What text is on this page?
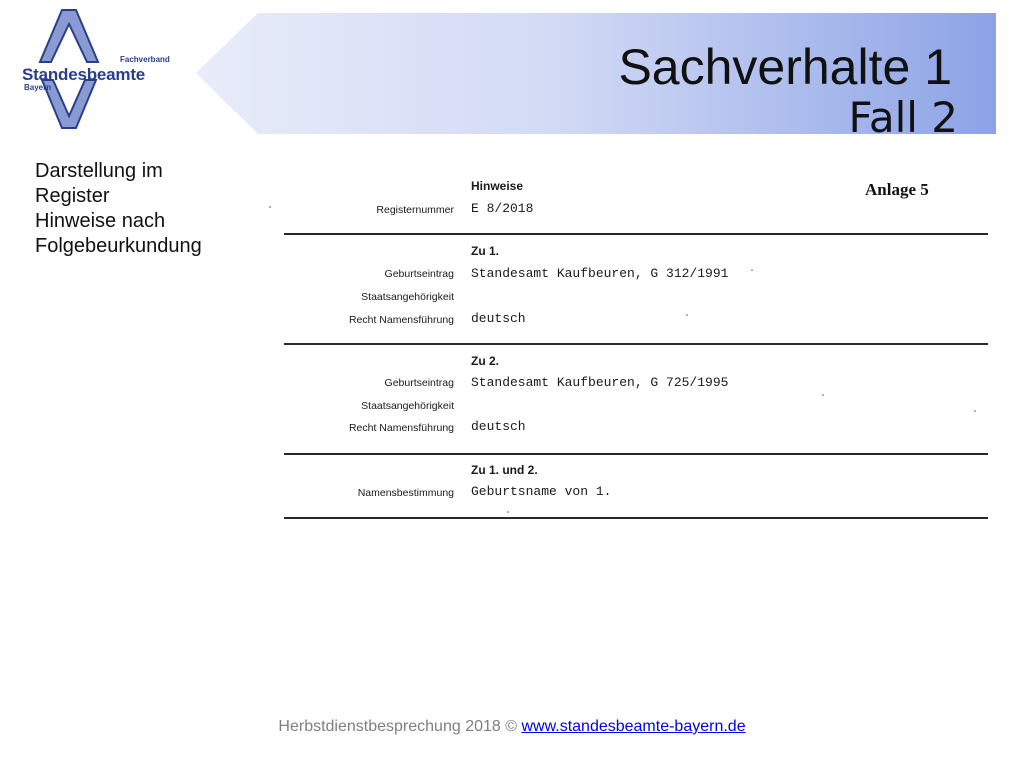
Fachverband
Standesbeamte
Bayern	Sachverhalte 1
Fall 2
Darstellung im
Register
Hinweise nach
Folgebeurkundung
Hinweise	Anlage 5
Registernummer E 8/2018
Zu 1.
Geburtseintrag Standesamt Kaufbeuren, G 312/1991
Staatsangehörigkeit
Recht Namensführung deutsch
Zu 2.
Geburtseintrag Standesamt Kaufbeuren, G 725/1995
Staatsangehörigkeit
Recht Namensführung deutsch
Zu 1. und 2.
Namensbestimmung Geburtsname von 1.
Herbstdienstbesprechung 2018 © www.standesbeamte-bayern.de
